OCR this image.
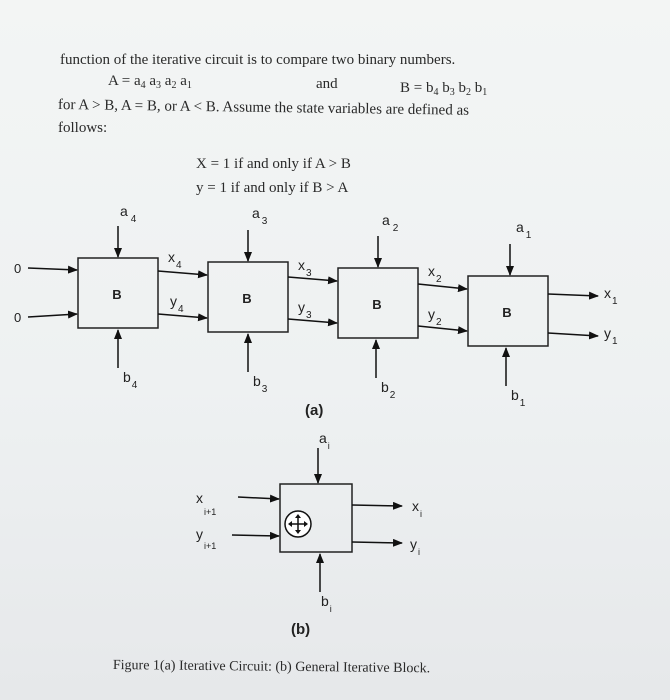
function of the iterative circuit is to compare two binary numbers.
$A = a_4$ $a_3$ $a_2$ $a_1$	and	$B = b_4$ $b_3$ $b_2$ $b_1$
for A > B, A = B, or A < B. Assume the state variables are defined as
follows:
X = 1 if and only if A > B
y = 1 if and only if B > A
B	B	B
B
0
0
$a_4$	$a_3$	$a_2$	$a_1$
$b_4$	$b_3$	$b_2$	$b_1$
$x_4$	$x_3$	$x_2$
$y_4$	$y_3$	$y_2$
$x_1$
$y_1$
(a)
$a_i$
$b_i$
$x_{i+1}$
$y_{i+1}$
$x_i$
$y_i$
(b)
Figure 1(a) Iterative Circuit: (b) General Iterative Block.
